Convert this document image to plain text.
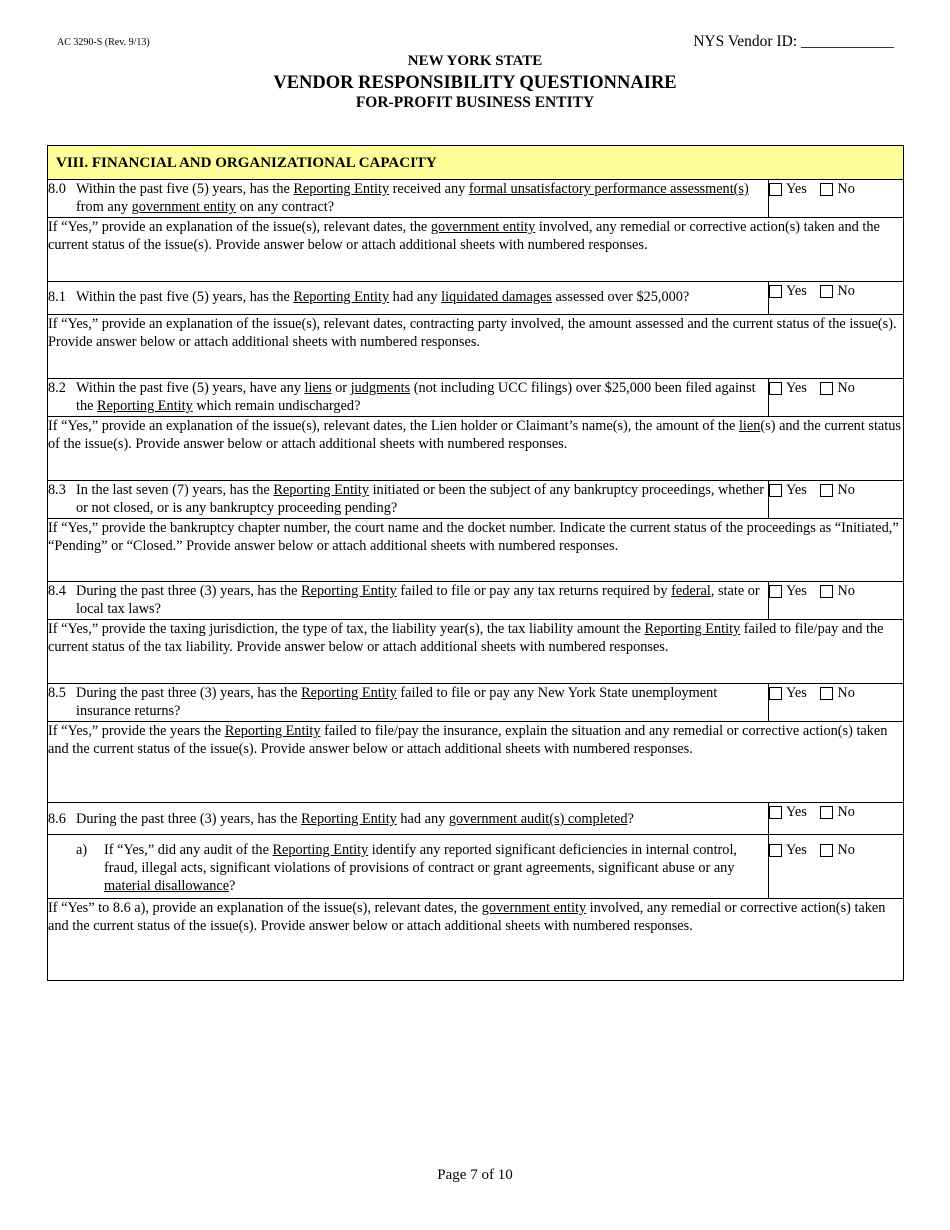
AC 3290-S (Rev. 9/13)	NYS Vendor ID: ____________
NEW YORK STATE
VENDOR RESPONSIBILITY QUESTIONNAIRE
FOR-PROFIT BUSINESS ENTITY
VIII. FINANCIAL AND ORGANIZATIONAL CAPACITY	

8.0 Within the past five (5) years, has the Reporting Entity received any formal unsatisfactory performance assessment(s) from any government entity on any contract?	Yes
No

If “Yes,” provide an explanation of the issue(s), relevant dates, the government entity involved, any remedial or corrective action(s) taken and the current status of the issue(s). Provide answer below or attach additional sheets with numbered responses.	

8.1 Within the past five (5) years, has the Reporting Entity had any liquidated damages assessed over $25,000?	Yes
No

If “Yes,” provide an explanation of the issue(s), relevant dates, contracting party involved, the amount assessed and the current status of the issue(s). Provide answer below or attach additional sheets with numbered responses.	

8.2 Within the past five (5) years, have any liens or judgments (not including UCC filings) over $25,000 been filed against the Reporting Entity which remain undischarged?	Yes
No

If “Yes,” provide an explanation of the issue(s), relevant dates, the Lien holder or Claimant’s name(s), the amount of the lien(s) and the current status of the issue(s). Provide answer below or attach additional sheets with numbered responses.	

8.3 In the last seven (7) years, has the Reporting Entity initiated or been the subject of any bankruptcy proceedings, whether or not closed, or is any bankruptcy proceeding pending?	Yes
No

If “Yes,” provide the bankruptcy chapter number, the court name and the docket number. Indicate the current status of the proceedings as “Initiated,” “Pending” or “Closed.” Provide answer below or attach additional sheets with numbered responses.	

8.4 During the past three (3) years, has the Reporting Entity failed to file or pay any tax returns required by federal, state or local tax laws?	Yes
No

If “Yes,” provide the taxing jurisdiction, the type of tax, the liability year(s), the tax liability amount the Reporting Entity failed to file/pay and the current status of the tax liability. Provide answer below or attach additional sheets with numbered responses.	

8.5 During the past three (3) years, has the Reporting Entity failed to file or pay any New York State unemployment insurance returns?	Yes
No

If “Yes,” provide the years the Reporting Entity failed to file/pay the insurance, explain the situation and any remedial or corrective action(s) taken and the current status of the issue(s). Provide answer below or attach additional sheets with numbered responses.	

8.6 During the past three (3) years, has the Reporting Entity had any government audit(s) completed?	Yes
No

a) If “Yes,” did any audit of the Reporting Entity identify any reported significant deficiencies in internal control, fraud, illegal acts, significant violations of provisions of contract or grant agreements, significant abuse or any material disallowance?	Yes
No

If “Yes” to 8.6 a), provide an explanation of the issue(s), relevant dates, the government entity involved, any remedial or corrective action(s) taken and the current status of the issue(s). Provide answer below or attach additional sheets with numbered responses.	
Page 7 of 10
